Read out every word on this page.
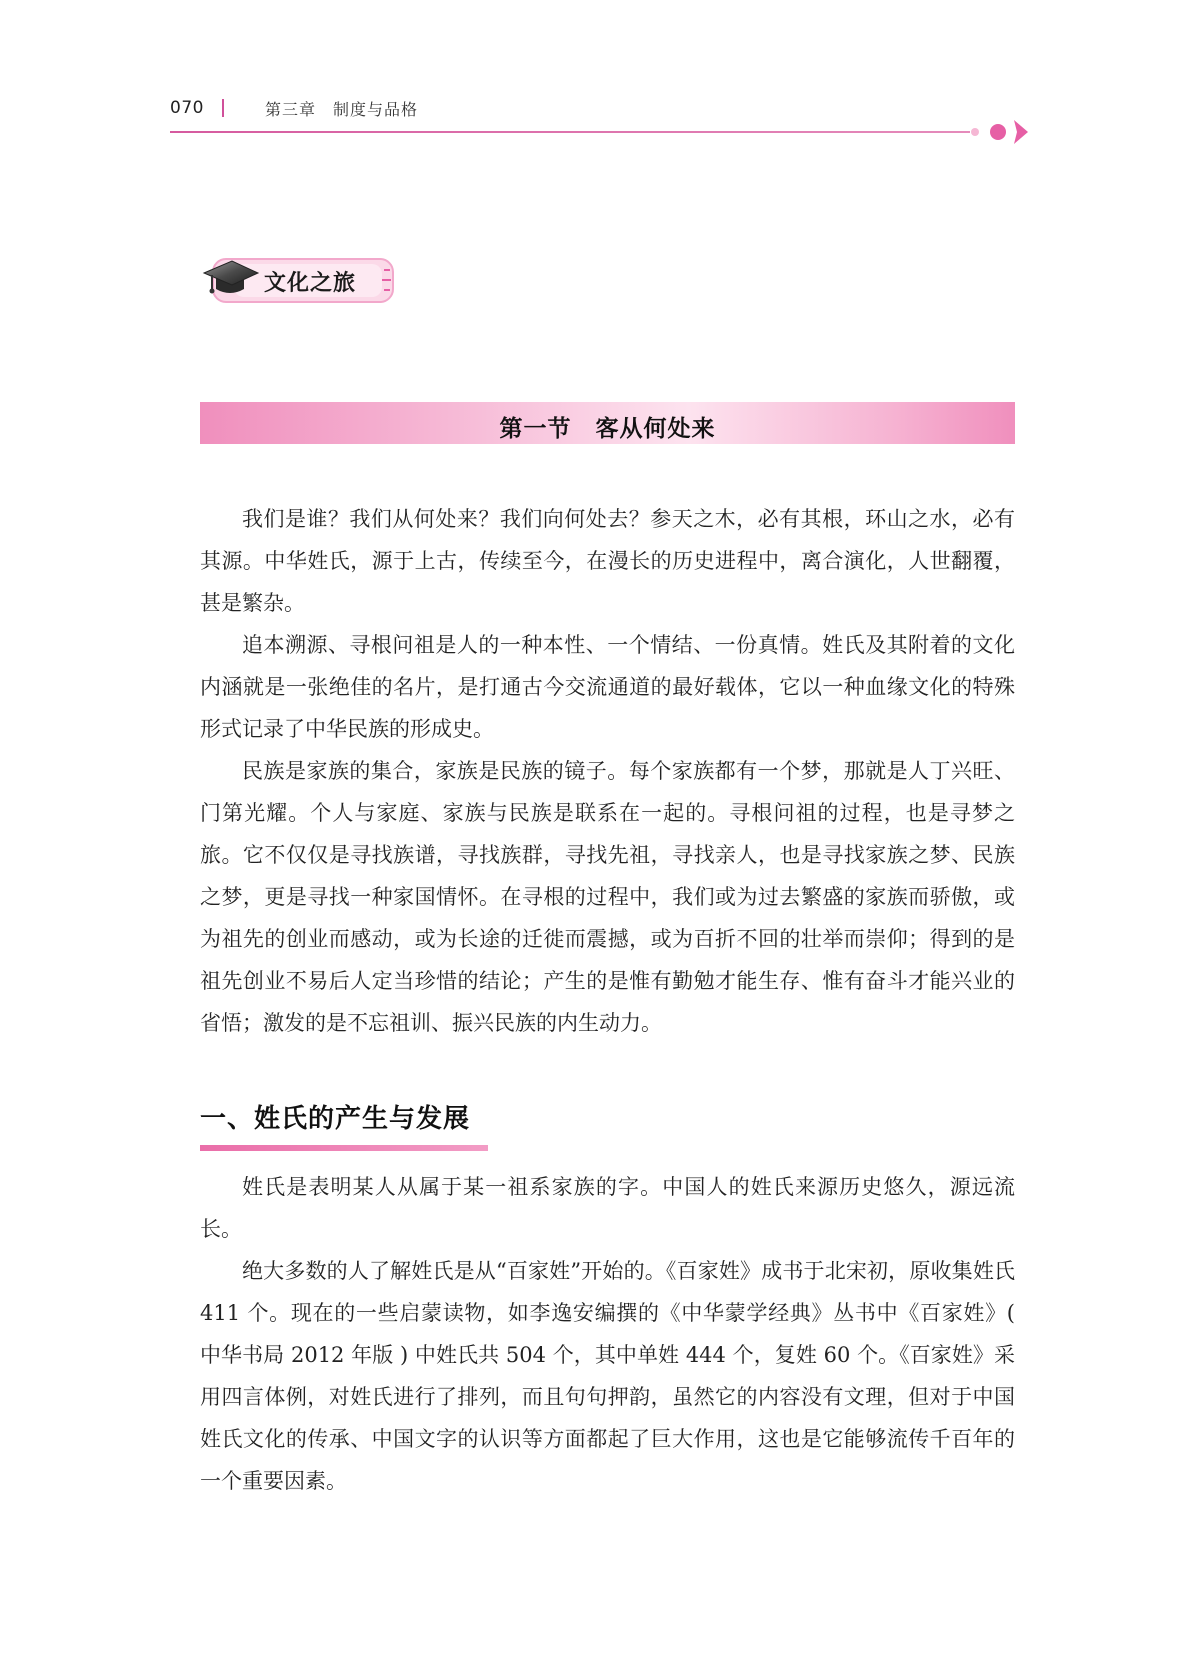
070	第三章　制度与品格
文化之旅
第一节　客从何处来

我们是谁？我们从何处来？我们向何处去？参天之木，必有其根，环山之水，必有其源。中华姓氏，源于上古，传续至今，在漫长的历史进程中，离合演化，人世翻覆，甚是繁杂。

追本溯源、寻根问祖是人的一种本性、一个情结、一份真情。姓氏及其附着的文化内涵就是一张绝佳的名片，是打通古今交流通道的最好载体，它以一种血缘文化的特殊形式记录了中华民族的形成史。

民族是家族的集合，家族是民族的镜子。每个家族都有一个梦，那就是人丁兴旺、门第光耀。个人与家庭、家族与民族是联系在一起的。寻根问祖的过程，也是寻梦之旅。它不仅仅是寻找族谱，寻找族群，寻找先祖，寻找亲人，也是寻找家族之梦、民族之梦，更是寻找一种家国情怀。在寻根的过程中，我们或为过去繁盛的家族而骄傲，或为祖先的创业而感动，或为长途的迁徙而震撼，或为百折不回的壮举而崇仰；得到的是祖先创业不易后人定当珍惜的结论；产生的是惟有勤勉才能生存、惟有奋斗才能兴业的省悟；激发的是不忘祖训、振兴民族的内生动力。

一、姓氏的产生与发展

姓氏是表明某人从属于某一祖系家族的字。中国人的姓氏来源历史悠久，源远流长。

绝大多数的人了解姓氏是从“百家姓”开始的。《百家姓》成书于北宋初，原收集姓氏 411 个。现在的一些启蒙读物，如李逸安编撰的《中华蒙学经典》丛书中《百家姓》( 中华书局 2012 年版 ) 中姓氏共 504 个，其中单姓 444 个，复姓 60 个。《百家姓》采用四言体例，对姓氏进行了排列，而且句句押韵，虽然它的内容没有文理，但对于中国姓氏文化的传承、中国文字的认识等方面都起了巨大作用，这也是它能够流传千百年的一个重要因素。
